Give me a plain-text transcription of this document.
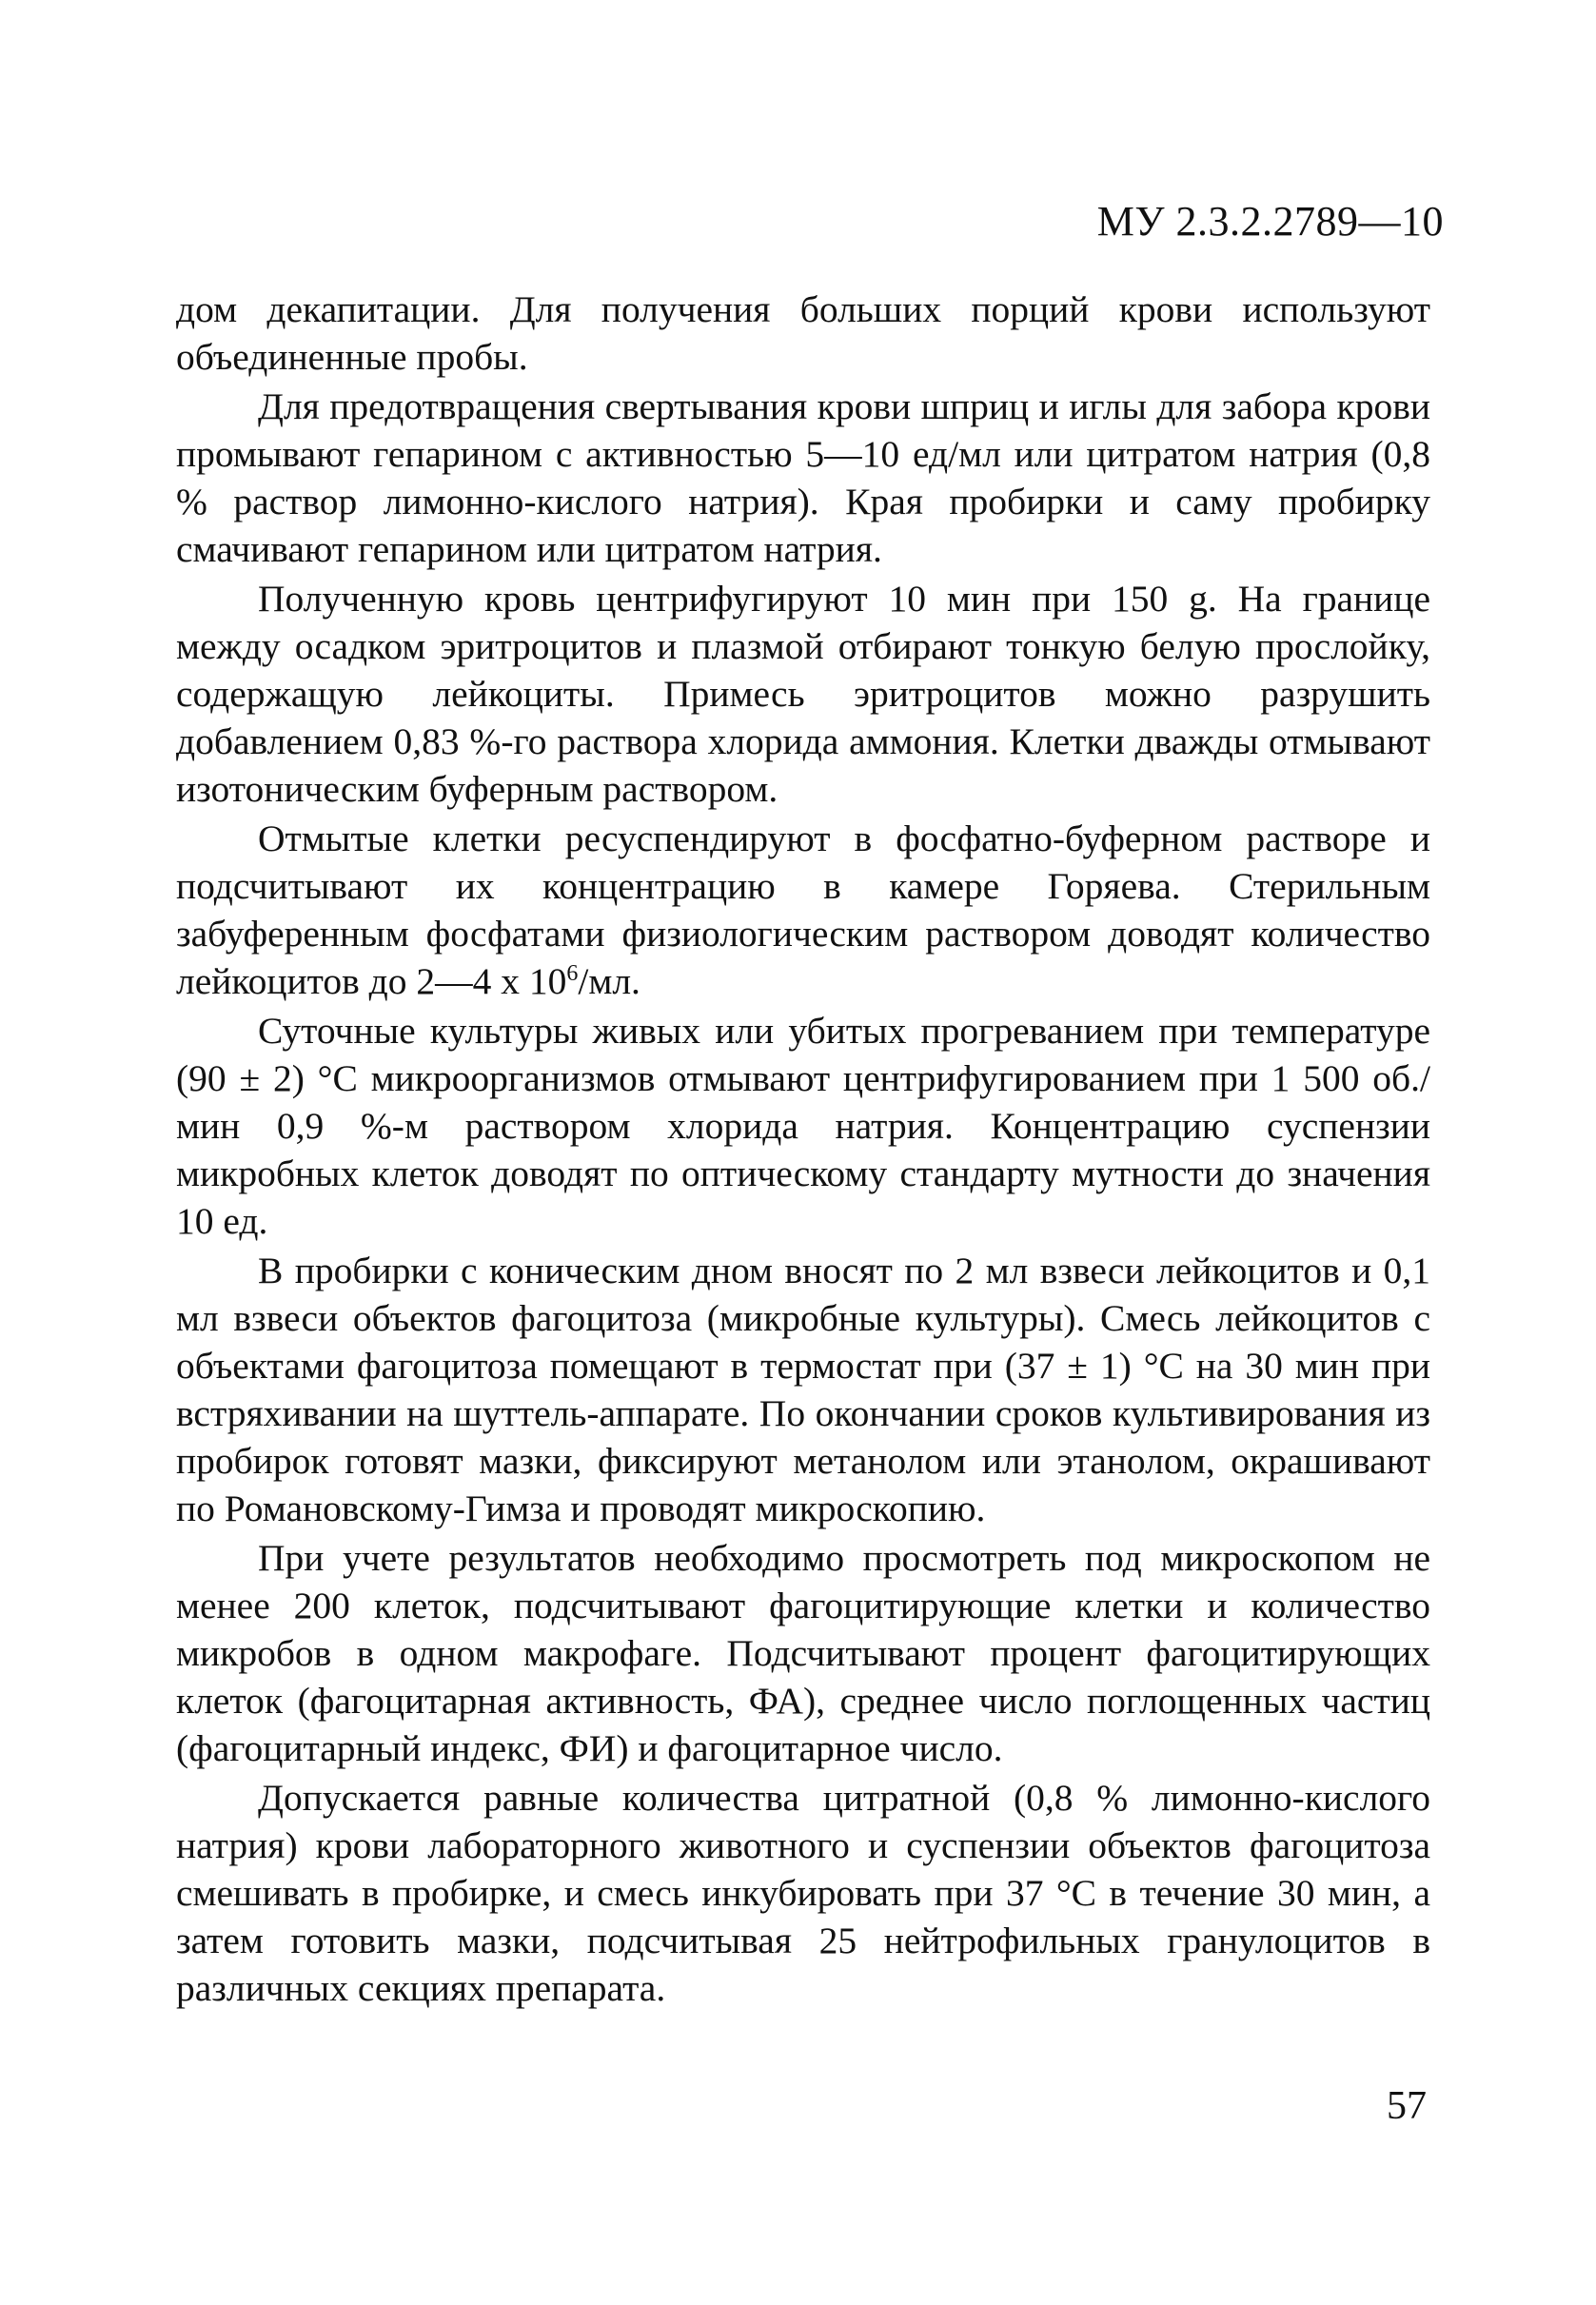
МУ 2.3.2.2789—10

дом декапитации. Для получения больших порций крови используют объединенные пробы.

Для предотвращения свертывания крови шприц и иглы для забора крови промывают гепарином с активностью 5—10 ед/мл или цитратом натрия (0,8 % раствор лимонно-кислого натрия). Края пробирки и саму пробирку смачивают гепарином или цитратом натрия.

Полученную кровь центрифугируют 10 мин при 150 g. На границе между осадком эритроцитов и плазмой отбирают тонкую белую прослойку, содержащую лейкоциты. Примесь эритроцитов можно разрушить добавлением 0,83 %-го раствора хлорида аммония. Клетки дважды отмывают изотоническим буферным раствором.

Отмытые клетки ресуспендируют в фосфатно-буферном растворе и подсчитывают их концентрацию в камере Горяева. Стерильным забуференным фосфатами физиологическим раствором доводят количество лейкоцитов до 2—4 x $10^6/мл$.

Суточные культуры живых или убитых прогреванием при температуре (90 ± 2) °С микроорганизмов отмывают центрифугированием при 1 500 об./мин 0,9 %-м раствором хлорида натрия. Концентрацию суспензии микробных клеток доводят по оптическому стандарту мутности до значения 10 ед.

В пробирки с коническим дном вносят по 2 мл взвеси лейкоцитов и 0,1 мл взвеси объектов фагоцитоза (микробные культуры). Смесь лейкоцитов с объектами фагоцитоза помещают в термостат при (37 ± 1) °С на 30 мин при встряхивании на шуттель-аппарате. По окончании сроков культивирования из пробирок готовят мазки, фиксируют метанолом или этанолом, окрашивают по Романовскому-Гимза и проводят микроскопию.

При учете результатов необходимо просмотреть под микроскопом не менее 200 клеток, подсчитывают фагоцитирующие клетки и количество микробов в одном макрофаге. Подсчитывают процент фагоцитирующих клеток (фагоцитарная активность, ФА), среднее число поглощенных частиц (фагоцитарный индекс, ФИ) и фагоцитарное число.

Допускается равные количества цитратной (0,8 % лимонно-кислого натрия) крови лабораторного животного и суспензии объектов фагоцитоза смешивать в пробирке, и смесь инкубировать при 37 °С в течение 30 мин, а затем готовить мазки, подсчитывая 25 нейтрофильных гранулоцитов в различных секциях препарата.

57
